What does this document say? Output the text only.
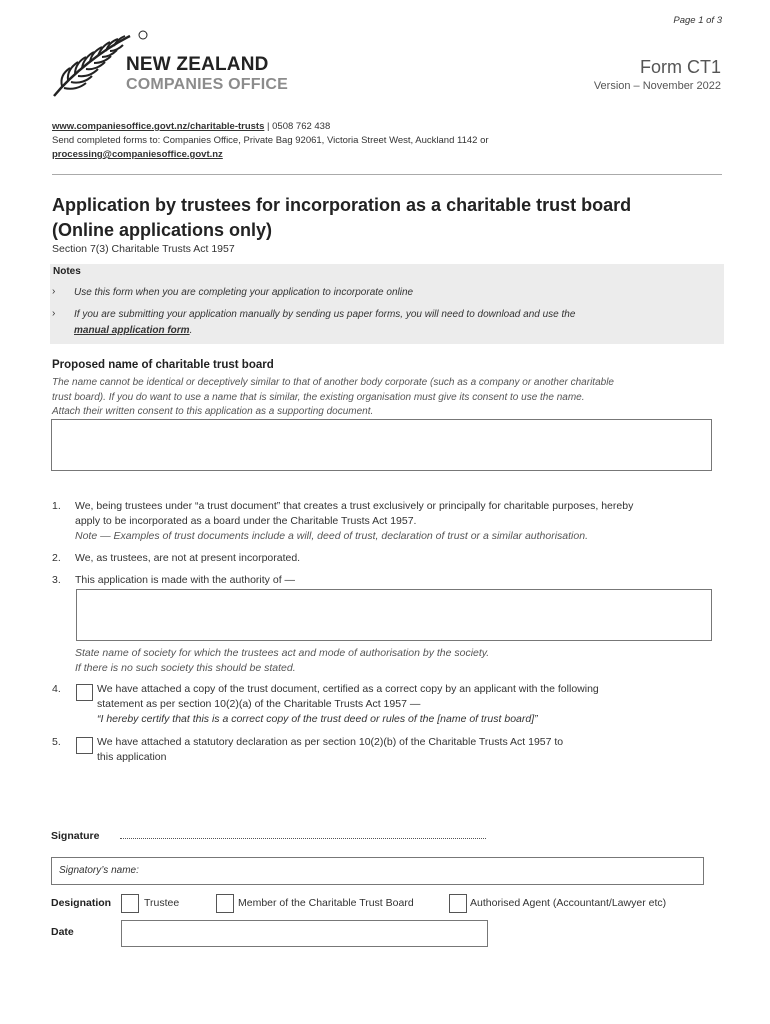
Page 1 of 3
NEW ZEALAND
COMPANIES OFFICE
Form CT1
Version – November 2022
www.companiesoffice.govt.nz/charitable-trusts | 0508 762 438
Send completed forms to: Companies Office, Private Bag 92061, Victoria Street West, Auckland 1142 or
processing@companiesoffice.govt.nz
Application by trustees for incorporation as a charitable trust board
(Online applications only)
Section 7(3) Charitable Trusts Act 1957
Notes
› Use this form when you are completing your application to incorporate online
› If you are submitting your application manually by sending us paper forms, you will need to download and use the
manual application form.
Proposed name of charitable trust board
The name cannot be identical or deceptively similar to that of another body corporate (such as a company or another charitable
trust board). If you do want to use a name that is similar, the existing organisation must give its consent to use the name.
Attach their written consent to this application as a supporting document.
1. We, being trustees under “a trust document” that creates a trust exclusively or principally for charitable purposes, hereby
apply to be incorporated as a board under the Charitable Trusts Act 1957.
Note — Examples of trust documents include a will, deed of trust, declaration of trust or a similar authorisation.
2. We, as trustees, are not at present incorporated.
3. This application is made with the authority of —
State name of society for which the trustees act and mode of authorisation by the society.
If there is no such society this should be stated.
4.	We have attached a copy of the trust document, certified as a correct copy by an applicant with the following
statement as per section 10(2)(a) of the Charitable Trusts Act 1957 —
“I hereby certify that this is a correct copy of the trust deed or rules of the [name of trust board]”
5.	We have attached a statutory declaration as per section 10(2)(b) of the Charitable Trusts Act 1957 to
this application
Signature
Signatory’s name:
Designation	Trustee	Member of the Charitable Trust Board	Authorised Agent (Accountant/Lawyer etc)
Date
